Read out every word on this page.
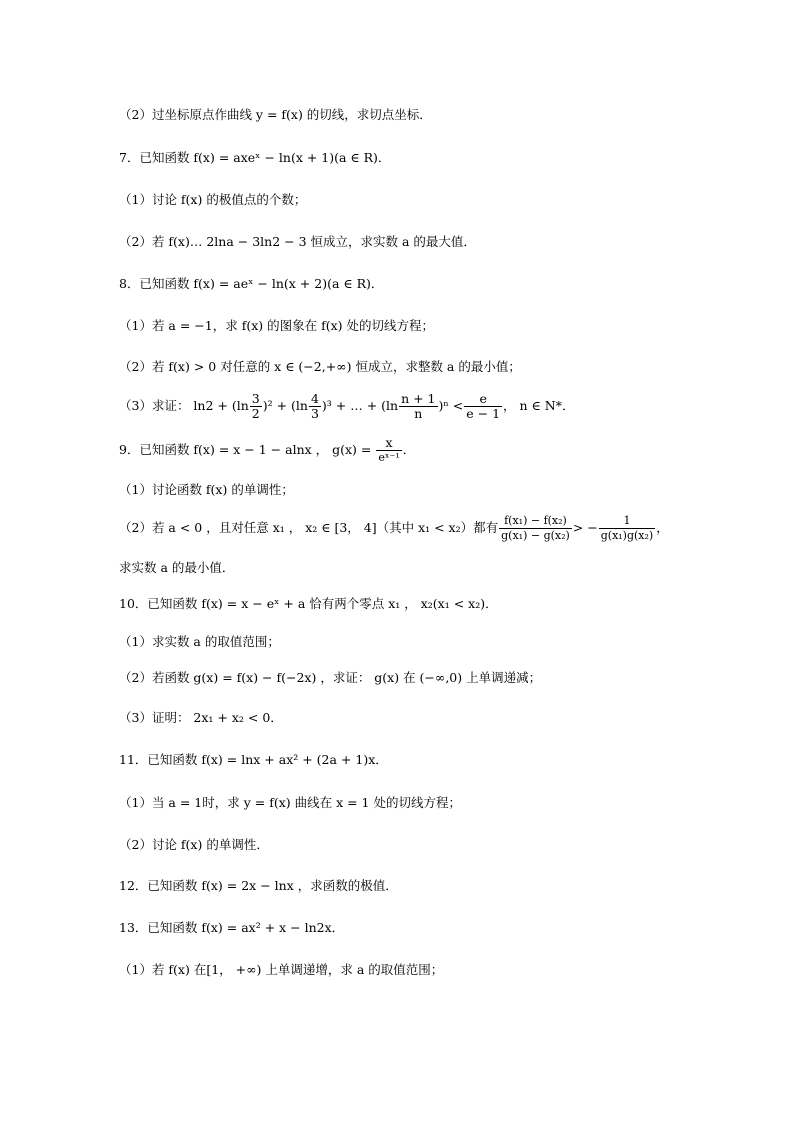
（2）过坐标原点作曲线 y = f(x) 的切线，求切点坐标．
7．已知函数 f(x) = axeˣ − ln(x + 1)(a ∈ R)．
（1）讨论 f(x) 的极值点的个数；
（2）若 f(x)… 2lna − 3ln2 − 3 恒成立，求实数 a 的最大值．
8．已知函数 f(x) = aeˣ − ln(x + 2)(a ∈ R)．
（1）若 a = −1，求 f(x) 的图象在 f(x) 处的切线方程；
（2）若 f(x) > 0 对任意的 x ∈ (−2,+∞) 恒成立，求整数 a 的最小值；
（3）求证： $\ln 2 + (\ln \frac{3}{2} )^2 + (\ln \frac{4}{3} )^3$ + … + $(\ln \frac{n + 1}{n} )^n < \frac{e}{e - 1}$ ， n ∈ N*．
9．已知函数 f(x) = x − 1 − alnx ， $g(x) = \frac{x}{\text{eˣ⁻¹}}$ ．
（1）讨论函数 f(x) 的单调性；
（2）若 a < 0 ，且对任意 x₁ ， x₂ ∈ [3， 4]（其中 x₁ < x₂）都有 $\frac{\text{f(x₁) − f(x₂)}}{\text{g(x₁) − g(x₂)}}$ > − $\frac{1}{\text{g(x₁)g(x₂)}}$ ，
求实数 a 的最小值．
10．已知函数 f(x) = x − eˣ + a 恰有两个零点 x₁ ， x₂(x₁ < x₂)．
（1）求实数 a 的取值范围；
（2）若函数 g(x) = f(x) − f(−2x) ，求证： g(x) 在 (−∞,0) 上单调递减；
（3）证明： 2x₁ + x₂ < 0．
11．已知函数 f(x) = lnx + ax² + (2a + 1)x．
（1）当 a = 1时，求 y = f(x) 曲线在 x = 1 处的切线方程；
（2）讨论 f(x) 的单调性．
12．已知函数 f(x) = 2x − lnx ，求函数的极值．
13．已知函数 f(x) = ax² + x − ln2x．
（1）若 f(x) 在[1， +∞) 上单调递增，求 a 的取值范围；
